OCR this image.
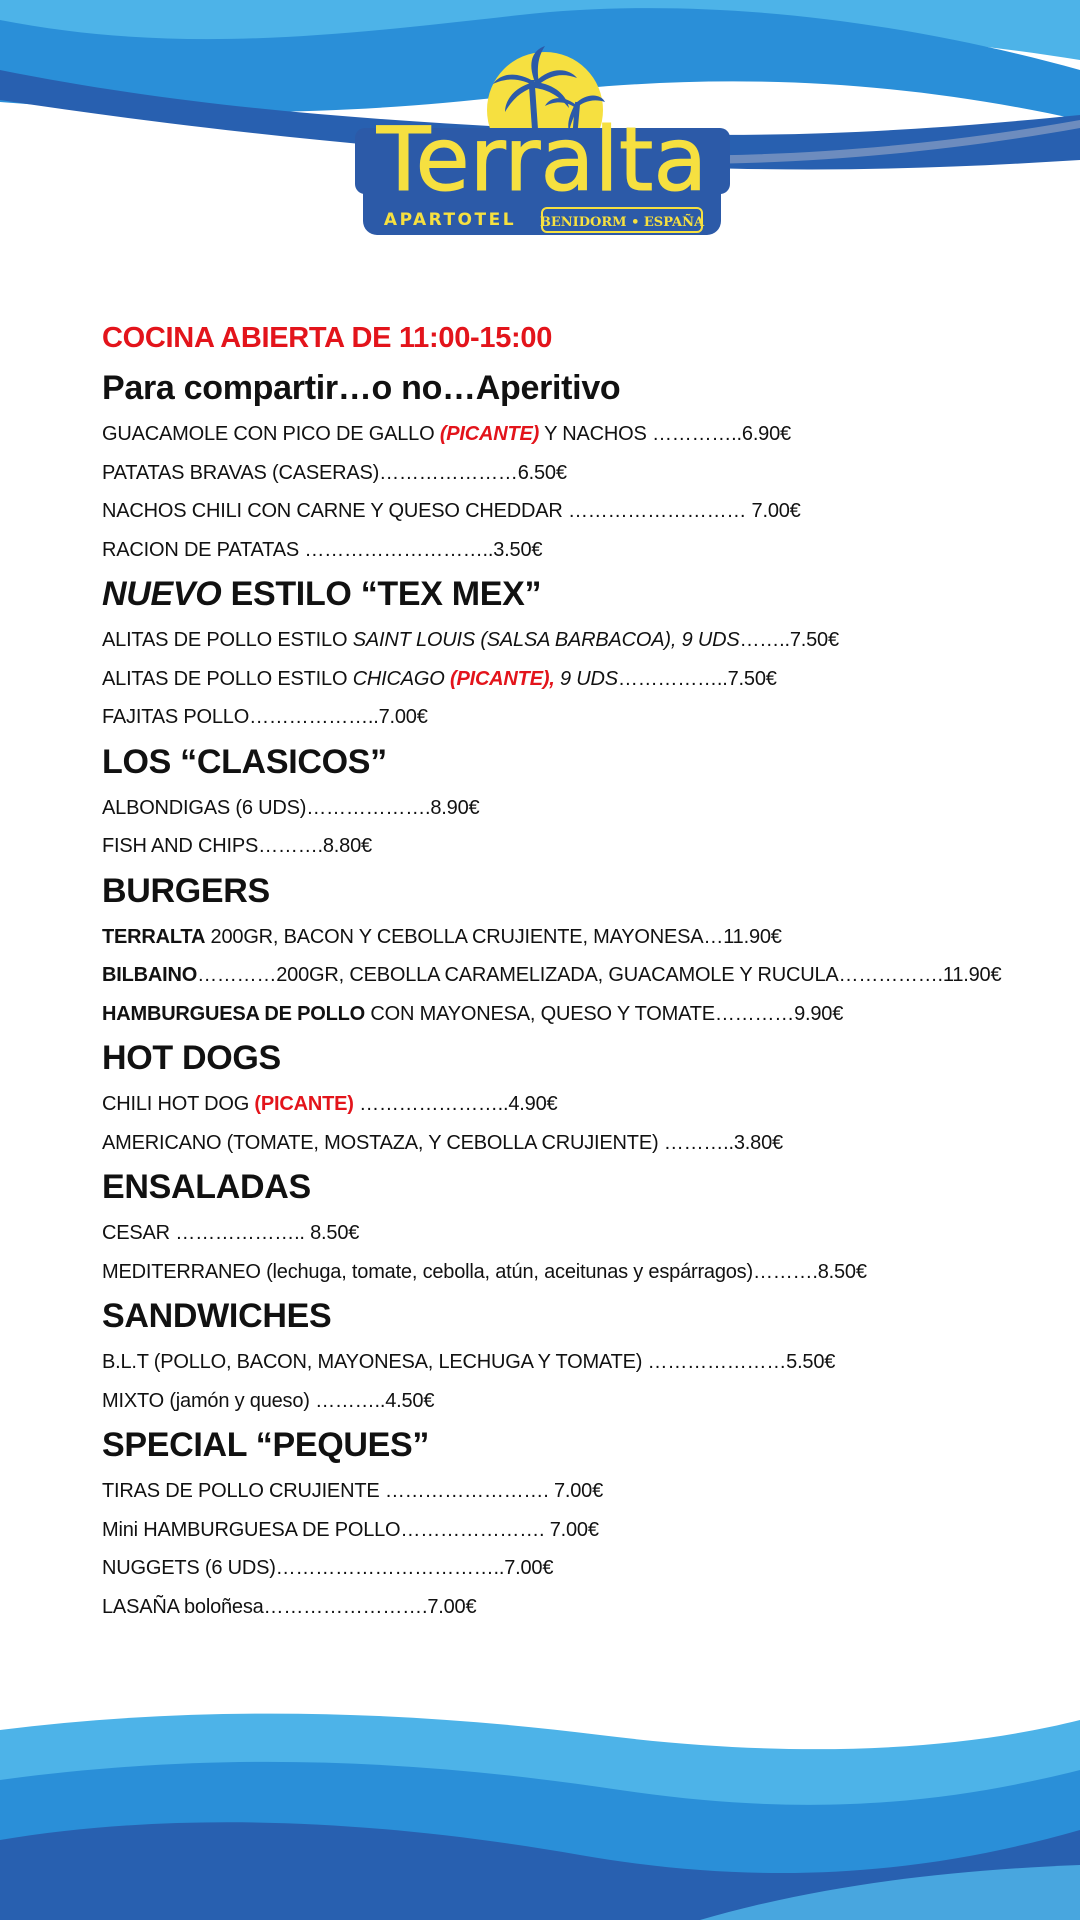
Terralta
APARTOTEL BENIDORM • ESPAÑA
COCINA ABIERTA DE 11:00-15:00
Para compartir…o no…Aperitivo
GUACAMOLE CON PICO DE GALLO (PICANTE) Y NACHOS …………..6.90€
PATATAS BRAVAS (CASERAS)…………………6.50€
NACHOS CHILI CON CARNE Y QUESO CHEDDAR ……………………… 7.00€
RACION DE PATATAS ………………………..3.50€
NUEVO ESTILO “TEX MEX”
ALITAS DE POLLO ESTILO SAINT LOUIS (SALSA BARBACOA), 9 UDS……..7.50€
ALITAS DE POLLO ESTILO CHICAGO (PICANTE), 9 UDS……………..7.50€
FAJITAS POLLO………………..7.00€
LOS “CLASICOS”
ALBONDIGAS (6 UDS)……………….8.90€
FISH AND CHIPS……….8.80€
BURGERS
TERRALTA 200GR, BACON Y CEBOLLA CRUJIENTE, MAYONESA…11.90€
BILBAINO…………200GR, CEBOLLA CARAMELIZADA, GUACAMOLE Y RUCULA…………….11.90€
HAMBURGUESA DE POLLO CON MAYONESA, QUESO Y TOMATE…………9.90€
HOT DOGS
CHILI HOT DOG (PICANTE) …………………..4.90€
AMERICANO (TOMATE, MOSTAZA, Y CEBOLLA CRUJIENTE) ………..3.80€
ENSALADAS
CESAR ……………….. 8.50€
MEDITERRANEO (lechuga, tomate, cebolla, atún, aceitunas y espárragos)……….8.50€
SANDWICHES
B.L.T (POLLO, BACON, MAYONESA, LECHUGA Y TOMATE) …………………5.50€
MIXTO (jamón y queso) ………..4.50€
SPECIAL “PEQUES”
TIRAS DE POLLO CRUJIENTE ……………………. 7.00€
Mini HAMBURGUESA DE POLLO…………………. 7.00€
NUGGETS (6 UDS)……………………………..7.00€
LASAÑA boloñesa…………………….7.00€
